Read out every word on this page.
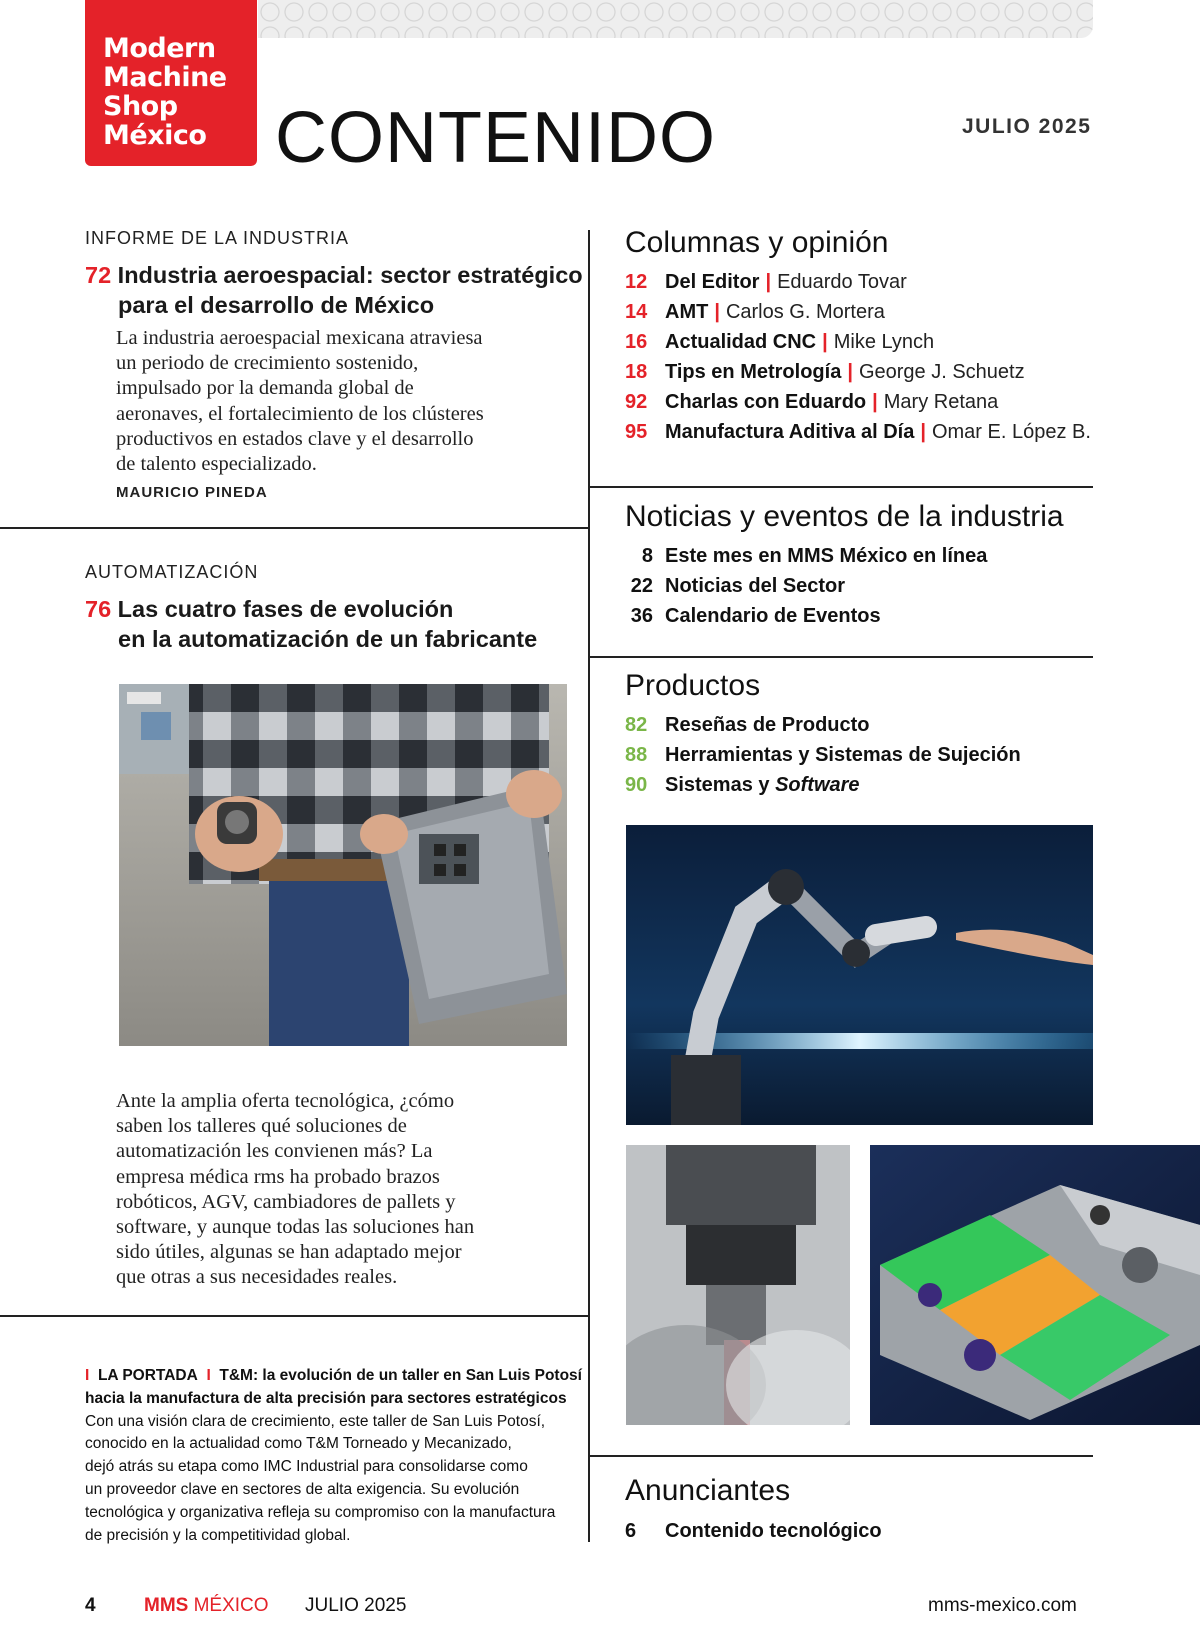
Modern
Machine
Shop
México CONTENIDO	JULIO 2025
INFORME DE LA INDUSTRIA
72 Industria aeroespacial: sector estratégico
para el desarrollo de México
La industria aeroespacial mexicana atraviesa
un periodo de crecimiento sostenido,
impulsado por la demanda global de
aeronaves, el fortalecimiento de los clústeres
productivos en estados clave y el desarrollo
de talento especializado.
MAURICIO PINEDA
AUTOMATIZACIÓN
76 Las cuatro fases de evolución
en la automatización de un fabricante
Ante la amplia oferta tecnológica, ¿cómo
saben los talleres qué soluciones de
automatización les convienen más? La
empresa médica rms ha probado brazos
robóticos, AGV, cambiadores de pallets y
software, y aunque todas las soluciones han
sido útiles, algunas se han adaptado mejor
que otras a sus necesidades reales.
I LA PORTADA I T&M: la evolución de un taller en San Luis Potosí
hacia la manufactura de alta precisión para sectores estratégicos
Con una visión clara de crecimiento, este taller de San Luis Potosí,
conocido en la actualidad como T&M Torneado y Mecanizado,
dejó atrás su etapa como IMC Industrial para consolidarse como
un proveedor clave en sectores de alta exigencia. Su evolución
tecnológica y organizativa refleja su compromiso con la manufactura
de precisión y la competitividad global.
Columnas y opinión
12 Del Editor | Eduardo Tovar
14 AMT | Carlos G. Mortera
16 Actualidad CNC | Mike Lynch
18 Tips en Metrología | George J. Schuetz
92 Charlas con Eduardo | Mary Retana
95 Manufactura Aditiva al Día | Omar E. López B.
Noticias y eventos de la industria
8 Este mes en MMS México en línea
22 Noticias del Sector
36 Calendario de Eventos
Productos
82 Reseñas de Producto
88 Herramientas y Sistemas de Sujeción
90 Sistemas y Software
Anunciantes
6 Contenido tecnológico
4	MMS MÉXICO JULIO 2025	mms-mexico.com
